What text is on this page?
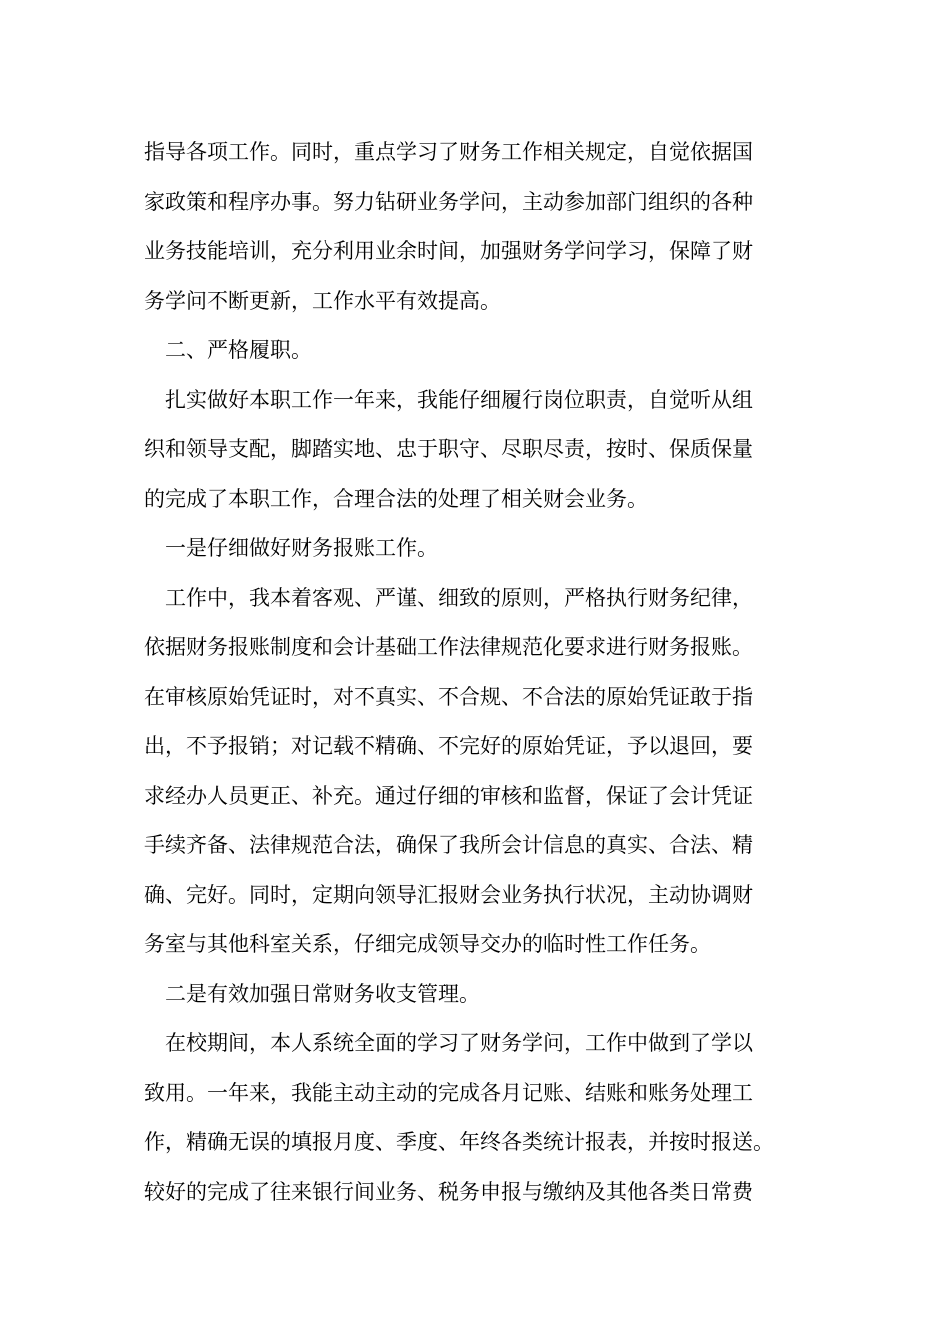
指导各项工作。同时，重点学习了财务工作相关规定，自觉依据国
家政策和程序办事。努力钻研业务学问，主动参加部门组织的各种
业务技能培训，充分利用业余时间，加强财务学问学习，保障了财
务学问不断更新，工作水平有效提高。
二、严格履职。
扎实做好本职工作一年来，我能仔细履行岗位职责，自觉听从组
织和领导支配，脚踏实地、忠于职守、尽职尽责，按时、保质保量
的完成了本职工作，合理合法的处理了相关财会业务。
一是仔细做好财务报账工作。
工作中，我本着客观、严谨、细致的原则，严格执行财务纪律，
依据财务报账制度和会计基础工作法律规范化要求进行财务报账。
在审核原始凭证时，对不真实、不合规、不合法的原始凭证敢于指
出，不予报销；对记载不精确、不完好的原始凭证，予以退回，要
求经办人员更正、补充。通过仔细的审核和监督，保证了会计凭证
手续齐备、法律规范合法，确保了我所会计信息的真实、合法、精
确、完好。同时，定期向领导汇报财会业务执行状况，主动协调财
务室与其他科室关系，仔细完成领导交办的临时性工作任务。
二是有效加强日常财务收支管理。
在校期间，本人系统全面的学习了财务学问，工作中做到了学以
致用。一年来，我能主动主动的完成各月记账、结账和账务处理工
作，精确无误的填报月度、季度、年终各类统计报表，并按时报送。
较好的完成了往来银行间业务、税务申报与缴纳及其他各类日常费
